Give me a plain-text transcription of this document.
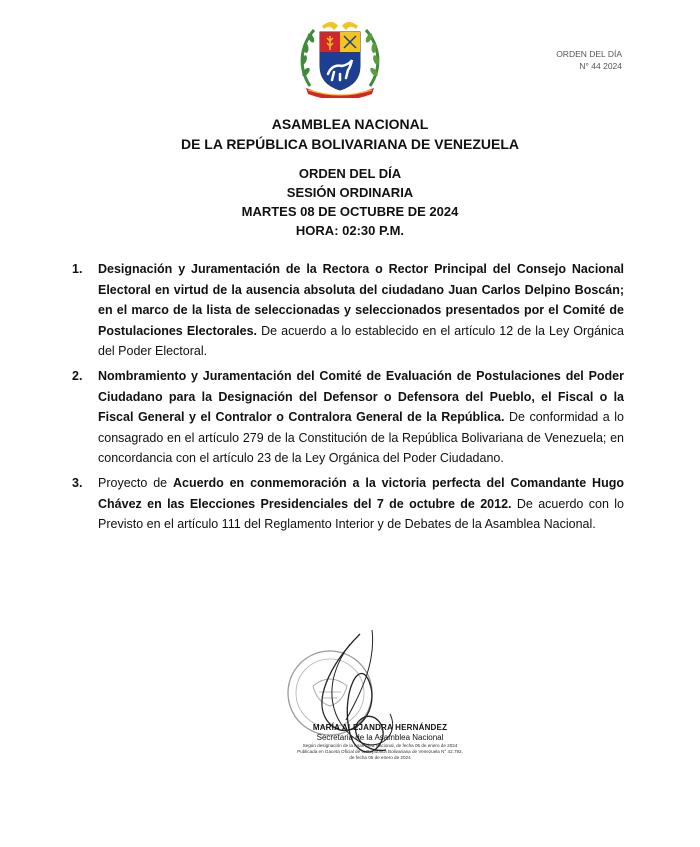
ORDEN DEL DÍA
N° 44 2024
ASAMBLEA NACIONAL
DE LA REPÚBLICA BOLIVARIANA DE VENEZUELA
ORDEN DEL DÍA
SESIÓN ORDINARIA
MARTES 08 DE OCTUBRE DE 2024
HORA: 02:30 P.M.
1. Designación y Juramentación de la Rectora o Rector Principal del Consejo Nacional Electoral en virtud de la ausencia absoluta del ciudadano Juan Carlos Delpino Boscán; en el marco de la lista de seleccionadas y seleccionados presentados por el Comité de Postulaciones Electorales. De acuerdo a lo establecido en el artículo 12 de la Ley Orgánica del Poder Electoral.
2. Nombramiento y Juramentación del Comité de Evaluación de Postulaciones del Poder Ciudadano para la Designación del Defensor o Defensora del Pueblo, el Fiscal o la Fiscal General y el Contralor o Contralora General de la República. De conformidad a lo consagrado en el artículo 279 de la Constitución de la República Bolivariana de Venezuela; en concordancia con el artículo 23 de la Ley Orgánica del Poder Ciudadano.
3. Proyecto de Acuerdo en conmemoración a la victoria perfecta del Comandante Hugo Chávez en las Elecciones Presidenciales del 7 de octubre de 2012. De acuerdo con lo Previsto en el artículo 111 del Reglamento Interior y de Debates de la Asamblea Nacional.
MARÍA ALEJANDRA HERNÁNDEZ
Secretaria de la Asamblea Nacional
Según designación de la Asamblea Nacional, de fecha 05 de enero de 2024
Publicada en Gaceta Oficial de la República Bolivariana de Venezuela N° 42.792,
de fecha 05 de enero de 2024
